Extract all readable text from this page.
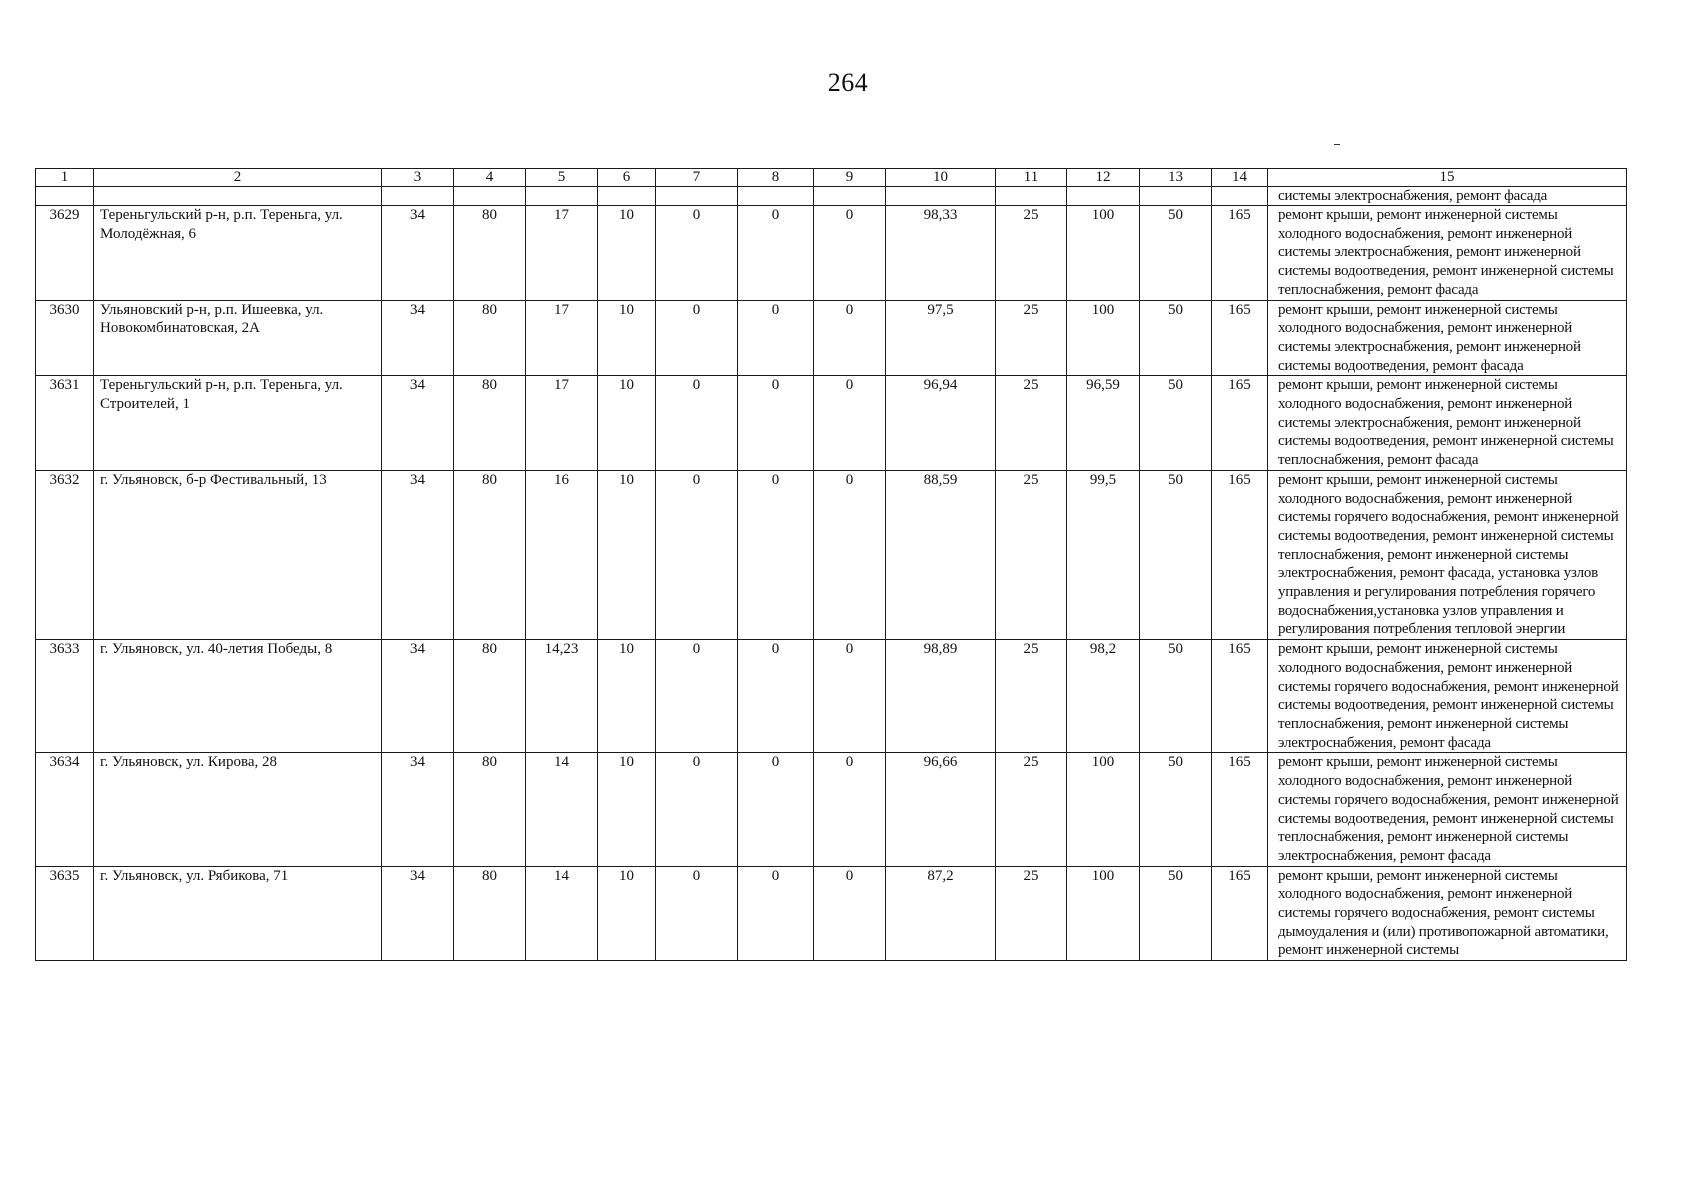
264
1	2	3	4	5	6	7	8	9	10	11	12	13	14	15
														системы электроснабжения, ремонт фасада
3629	Тереньгульский р-н, р.п. Тереньга, ул. Молодёжная, 6	34	80	17	10	0	0	0	98,33	25	100	50	165	ремонт крыши, ремонт инженерной системы холодного водоснабжения, ремонт инженерной системы электроснабжения, ремонт инженерной системы водоотведения, ремонт инженерной системы теплоснабжения, ремонт фасада
3630	Ульяновский р-н, р.п. Ишеевка, ул. Новокомбинатовская, 2А	34	80	17	10	0	0	0	97,5	25	100	50	165	ремонт крыши, ремонт инженерной системы холодного водоснабжения, ремонт инженерной системы электроснабжения, ремонт инженерной системы водоотведения, ремонт фасада
3631	Тереньгульский р-н, р.п. Тереньга, ул. Строителей, 1	34	80	17	10	0	0	0	96,94	25	96,59	50	165	ремонт крыши, ремонт инженерной системы холодного водоснабжения, ремонт инженерной системы электроснабжения, ремонт инженерной системы водоотведения, ремонт инженерной системы теплоснабжения, ремонт фасада
3632	г. Ульяновск, б-р Фестивальный, 13	34	80	16	10	0	0	0	88,59	25	99,5	50	165	ремонт крыши, ремонт инженерной системы холодного водоснабжения, ремонт инженерной системы горячего водоснабжения, ремонт инженерной системы водоотведения, ремонт инженерной системы теплоснабжения, ремонт инженерной системы электроснабжения, ремонт фасада, установка узлов управления и регулирования потребления горячего водоснабжения,установка узлов управления и регулирования потребления тепловой энергии
3633	г. Ульяновск, ул. 40-летия Победы, 8	34	80	14,23	10	0	0	0	98,89	25	98,2	50	165	ремонт крыши, ремонт инженерной системы холодного водоснабжения, ремонт инженерной системы горячего водоснабжения, ремонт инженерной системы водоотведения, ремонт инженерной системы теплоснабжения, ремонт инженерной системы электроснабжения, ремонт фасада
3634	г. Ульяновск, ул. Кирова, 28	34	80	14	10	0	0	0	96,66	25	100	50	165	ремонт крыши, ремонт инженерной системы холодного водоснабжения, ремонт инженерной системы горячего водоснабжения, ремонт инженерной системы водоотведения, ремонт инженерной системы теплоснабжения, ремонт инженерной системы электроснабжения, ремонт фасада
3635	г. Ульяновск, ул. Рябикова, 71	34	80	14	10	0	0	0	87,2	25	100	50	165	ремонт крыши, ремонт инженерной системы холодного водоснабжения, ремонт инженерной системы горячего водоснабжения, ремонт системы дымоудаления и (или) противопожарной автоматики, ремонт инженерной системы
